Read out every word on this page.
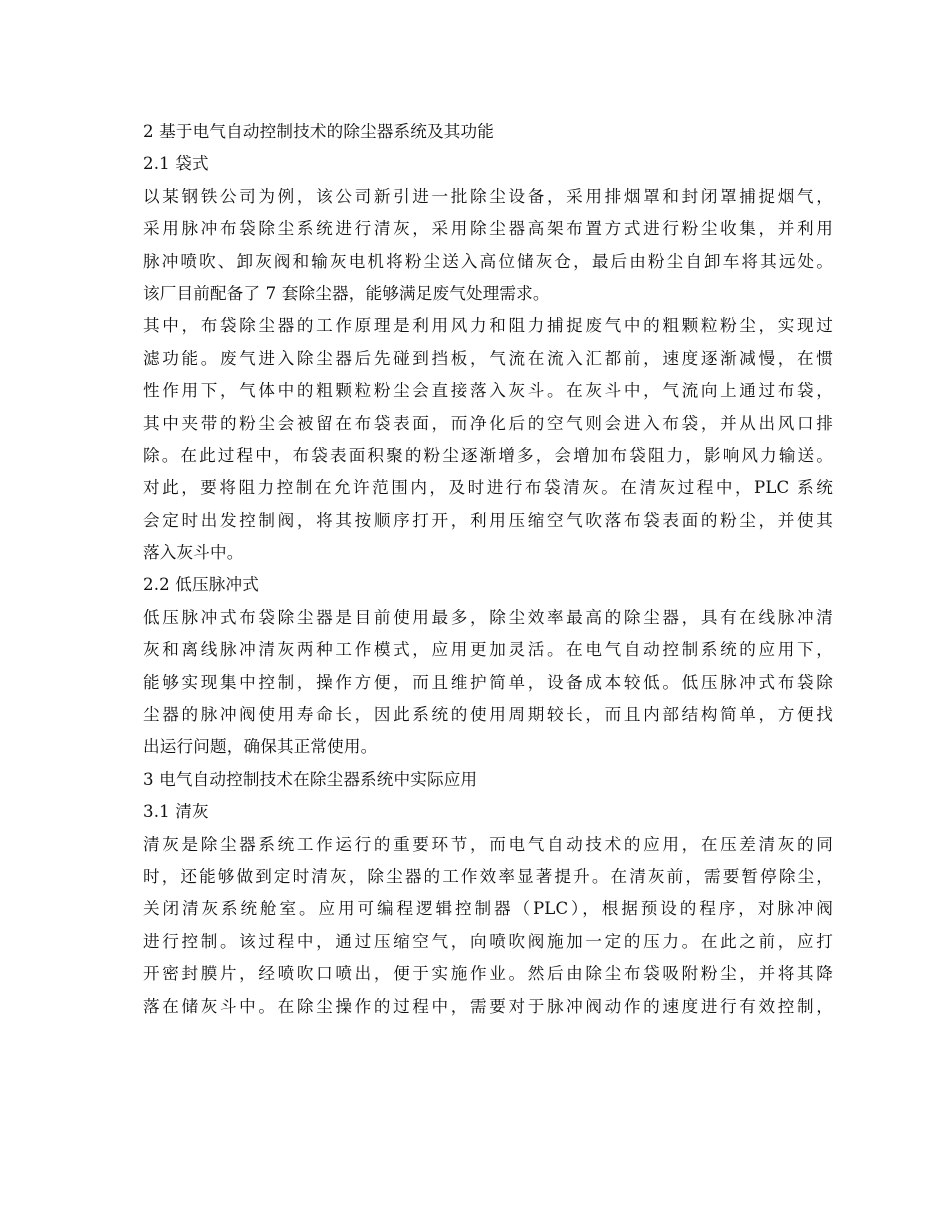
2 基于电气自动控制技术的除尘器系统及其功能
2.1 袋式
以某钢铁公司为例，该公司新引进一批除尘设备，采用排烟罩和封闭罩捕捉烟气，
采用脉冲布袋除尘系统进行清灰，采用除尘器高架布置方式进行粉尘收集，并利用
脉冲喷吹、卸灰阀和输灰电机将粉尘送入高位储灰仓，最后由粉尘自卸车将其远处。
该厂目前配备了 7 套除尘器，能够满足废气处理需求。
其中，布袋除尘器的工作原理是利用风力和阻力捕捉废气中的粗颗粒粉尘，实现过
滤功能。废气进入除尘器后先碰到挡板，气流在流入汇都前，速度逐渐减慢，在惯
性作用下，气体中的粗颗粒粉尘会直接落入灰斗。在灰斗中，气流向上通过布袋，
其中夹带的粉尘会被留在布袋表面，而净化后的空气则会进入布袋，并从出风口排
除。在此过程中，布袋表面积聚的粉尘逐渐增多，会增加布袋阻力，影响风力输送。
对此，要将阻力控制在允许范围内，及时进行布袋清灰。在清灰过程中，PLC 系统
会定时出发控制阀，将其按顺序打开，利用压缩空气吹落布袋表面的粉尘，并使其
落入灰斗中。
2.2 低压脉冲式
低压脉冲式布袋除尘器是目前使用最多，除尘效率最高的除尘器，具有在线脉冲清
灰和离线脉冲清灰两种工作模式，应用更加灵活。在电气自动控制系统的应用下，
能够实现集中控制，操作方便，而且维护简单，设备成本较低。低压脉冲式布袋除
尘器的脉冲阀使用寿命长，因此系统的使用周期较长，而且内部结构简单，方便找
出运行问题，确保其正常使用。
3 电气自动控制技术在除尘器系统中实际应用
3.1 清灰
清灰是除尘器系统工作运行的重要环节，而电气自动技术的应用，在压差清灰的同
时，还能够做到定时清灰，除尘器的工作效率显著提升。在清灰前，需要暂停除尘，
关闭清灰系统舱室。应用可编程逻辑控制器（PLC），根据预设的程序，对脉冲阀
进行控制。该过程中，通过压缩空气，向喷吹阀施加一定的压力。在此之前，应打
开密封膜片，经喷吹口喷出，便于实施作业。然后由除尘布袋吸附粉尘，并将其降
落在储灰斗中。在除尘操作的过程中，需要对于脉冲阀动作的速度进行有效控制，
